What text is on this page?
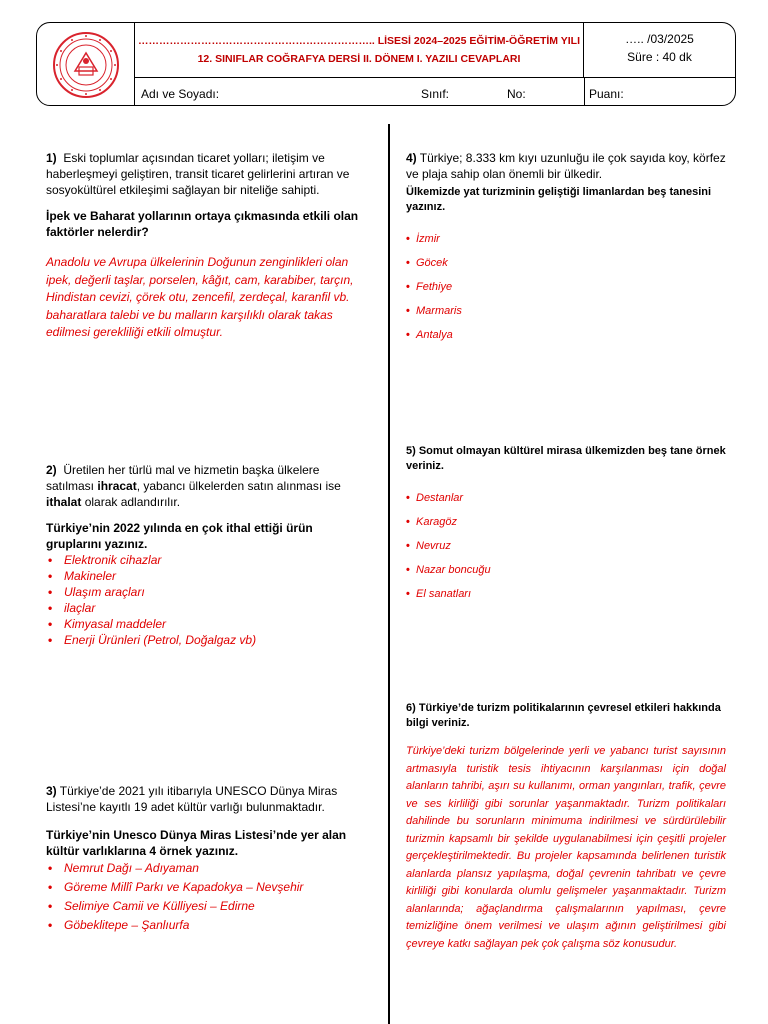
………………………………………………………….. LİSESİ 2024–2025 EĞİTİM-ÖĞRETİM YILI
12. SINIFLAR COĞRAFYA DERSİ II. DÖNEM I. YAZILI CEVAPLARI
….. /03/2025
Süre : 40 dk
Adı ve Soyadı:	Sınıf:	No:	Puanı:

1) Eski toplumlar açısından ticaret yolları; iletişim ve haberleşmeyi geliştiren, transit ticaret gelirlerini artıran ve sosyokültürel etkileşimi sağlayan bir niteliğe sahipti.

İpek ve Baharat yollarının ortaya çıkmasında etkili olan faktörler nelerdir?

Anadolu ve Avrupa ülkelerinin Doğunun zenginlikleri olan ipek, değerli taşlar, porselen, kâğıt, cam, karabiber, tarçın, Hindistan cevizi, çörek otu, zencefil, zerdeçal, karanfil vb. baharatlara talebi ve bu malların karşılıklı olarak takas edilmesi gerekliliği etkili olmuştur.

2) Üretilen her türlü mal ve hizmetin başka ülkelere satılması ihracat, yabancı ülkelerden satın alınması ise ithalat olarak adlandırılır.

Türkiye’nin 2022 yılında en çok ithal ettiği ürün gruplarını yazınız.

• Elektronik cihazlar
• Makineler
• Ulaşım araçları
• ilaçlar
• Kimyasal maddeler
• Enerji Ürünleri (Petrol, Doğalgaz vb)

3) Türkiye’de 2021 yılı itibarıyla UNESCO Dünya Miras Listesi’ne kayıtlı 19 adet kültür varlığı bulunmaktadır.

Türkiye’nin Unesco Dünya Miras Listesi’nde yer alan kültür varlıklarına 4 örnek yazınız.

• Nemrut Dağı – Adıyaman
• Göreme Millî Parkı ve Kapadokya – Nevşehir
• Selimiye Camii ve Külliyesi – Edirne
• Göbeklitepe – Şanlıurfa

4) Türkiye; 8.333 km kıyı uzunluğu ile çok sayıda koy, körfez ve plaja sahip olan önemli bir ülkedir.

Ülkemizde yat turizminin geliştiği limanlardan beş tanesini yazınız.

• İzmir
• Göcek
• Fethiye
• Marmaris
• Antalya

5) Somut olmayan kültürel mirasa ülkemizden beş tane örnek veriniz.

• Destanlar
• Karagöz
• Nevruz
• Nazar boncuğu
• El sanatları

6) Türkiye’de turizm politikalarının çevresel etkileri hakkında bilgi veriniz.

Türkiye’deki turizm bölgelerinde yerli ve yabancı turist sayısının artmasıyla turistik tesis ihtiyacının karşılanması için doğal alanların tahribi, aşırı su kullanımı, orman yangınları, trafik, çevre ve ses kirliliği gibi sorunlar yaşanmaktadır. Turizm politikaları dahilinde bu sorunların minimuma indirilmesi ve sürdürülebilir turizmin kapsamlı bir şekilde uygulanabilmesi için çeşitli projeler gerçekleştirilmektedir. Bu projeler kapsamında belirlenen turistik alanlarda plansız yapılaşma, doğal çevrenin tahribatı ve çevre kirliliği gibi konularda olumlu gelişmeler yaşanmaktadır. Turizm alanlarında; ağaçlandırma çalışmalarının yapılması, çevre temizliğine önem verilmesi ve ulaşım ağının geliştirilmesi gibi çevreye katkı sağlayan pek çok çalışma söz konusudur.
